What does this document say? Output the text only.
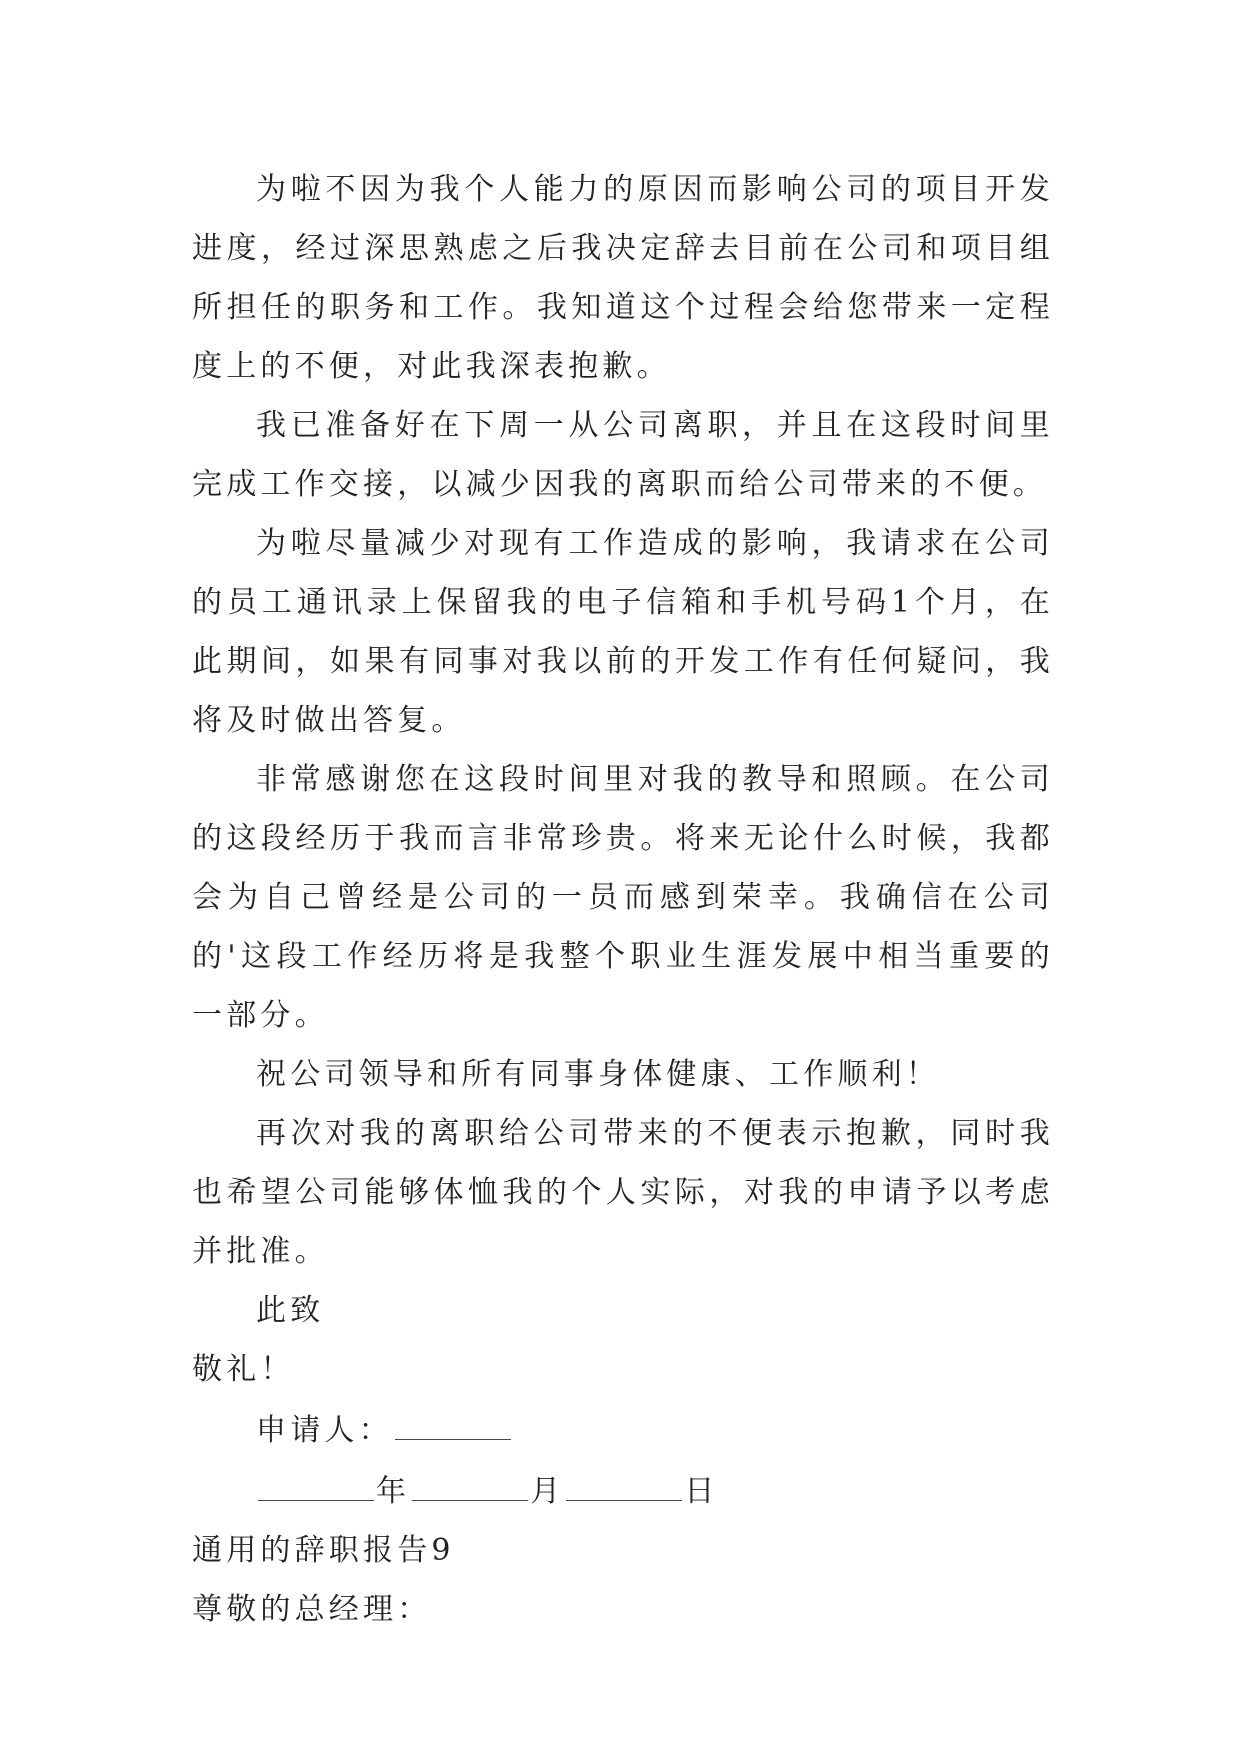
为啦不因为我个人能力的原因而影响公司的项目开发进度，经过深思熟虑之后我决定辞去目前在公司和项目组所担任的职务和工作。我知道这个过程会给您带来一定程度上的不便，对此我深表抱歉。

我已准备好在下周一从公司离职，并且在这段时间里完成工作交接，以减少因我的离职而给公司带来的不便。

为啦尽量减少对现有工作造成的影响，我请求在公司的员工通讯录上保留我的电子信箱和手机号码1个月，在此期间，如果有同事对我以前的开发工作有任何疑问，我将及时做出答复。

非常感谢您在这段时间里对我的教导和照顾。在公司的这段经历于我而言非常珍贵。将来无论什么时候，我都会为自己曾经是公司的一员而感到荣幸。我确信在公司的'这段工作经历将是我整个职业生涯发展中相当重要的一部分。

祝公司领导和所有同事身体健康、工作顺利！

再次对我的离职给公司带来的不便表示抱歉，同时我也希望公司能够体恤我的个人实际，对我的申请予以考虑并批准。

此致
敬礼！
申请人：
年	月	日
通用的辞职报告9
尊敬的总经理：
